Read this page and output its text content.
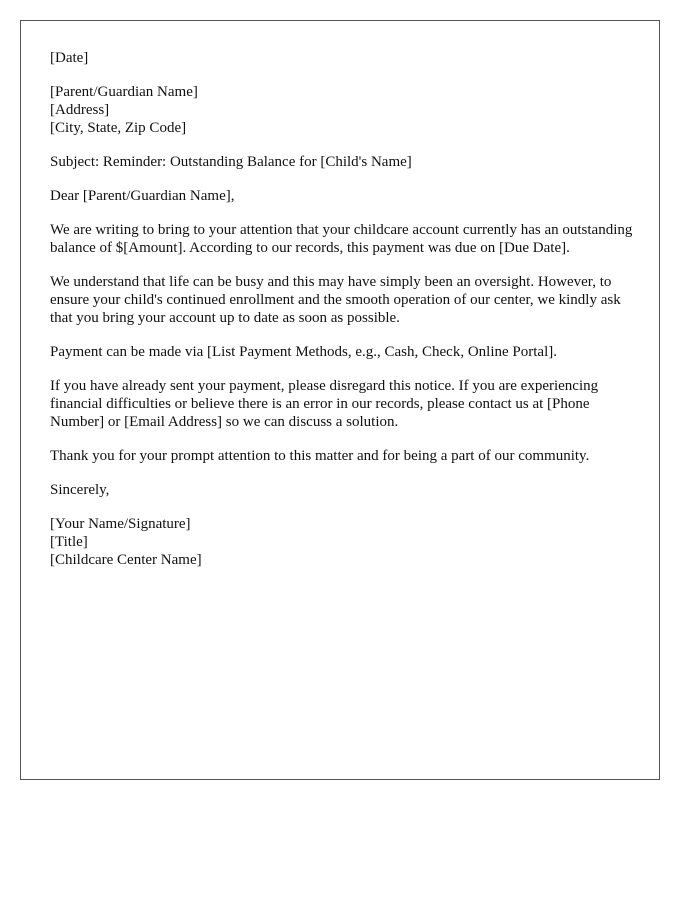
[Date]

[Parent/Guardian Name]
[Address]
[City, State, Zip Code]

Subject: Reminder: Outstanding Balance for [Child's Name]

Dear [Parent/Guardian Name],

We are writing to bring to your attention that your childcare account currently has an outstanding balance of $[Amount]. According to our records, this payment was due on [Due Date].

We understand that life can be busy and this may have simply been an oversight. However, to ensure your child's continued enrollment and the smooth operation of our center, we kindly ask that you bring your account up to date as soon as possible.

Payment can be made via [List Payment Methods, e.g., Cash, Check, Online Portal].

If you have already sent your payment, please disregard this notice. If you are experiencing financial difficulties or believe there is an error in our records, please contact us at [Phone Number] or [Email Address] so we can discuss a solution.

Thank you for your prompt attention to this matter and for being a part of our community.

Sincerely,

[Your Name/Signature]
[Title]
[Childcare Center Name]
